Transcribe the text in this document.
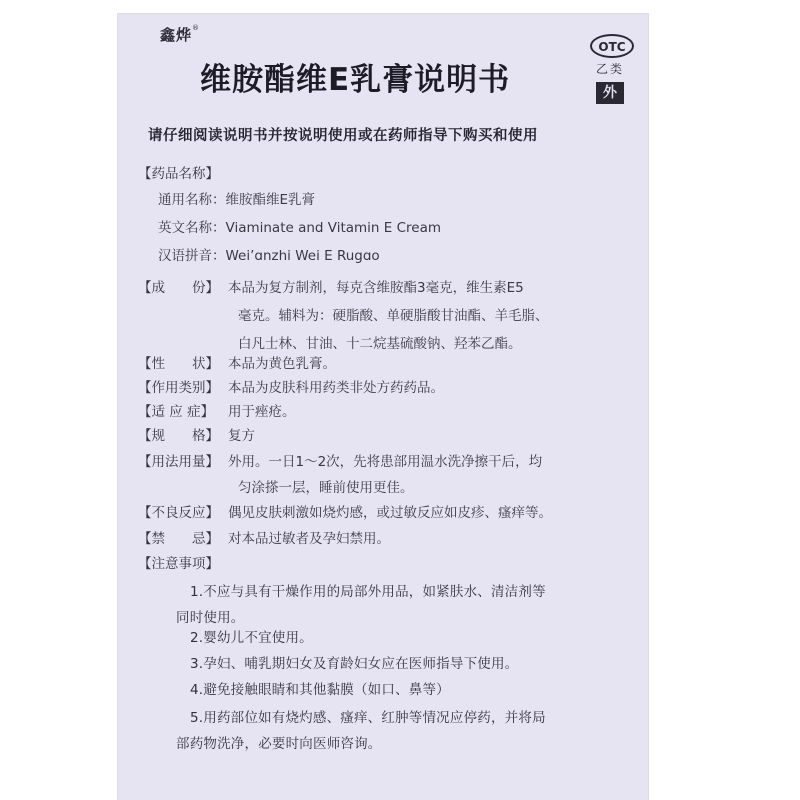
鑫烨®
维胺酯维E乳膏说明书
OTC
乙类
外
请仔细阅读说明书并按说明使用或在药师指导下购买和使用
【药品名称】
通用名称：维胺酯维E乳膏
英文名称：Viaminate and Vitamin E Cream
汉语拼音：Wei’ɑnzhi Wei E Rugɑo
【成　　份】 本品为复方制剂，每克含维胺酯3毫克，维生素E5
毫克。辅料为：硬脂酸、单硬脂酸甘油酯、羊毛脂、
白凡士林、甘油、十二烷基硫酸钠、羟苯乙酯。
【性　　状】 本品为黄色乳膏。
【作用类别】 本品为皮肤科用药类非处方药药品。
【适 应 症】 用于痤疮。
【规　　格】 复方
【用法用量】 外用。一日1～2次，先将患部用温水洗净擦干后，均
匀涂搽一层，睡前使用更佳。
【不良反应】 偶见皮肤刺激如烧灼感，或过敏反应如皮疹、瘙痒等。
【禁　　忌】 对本品过敏者及孕妇禁用。
【注意事项】
1.不应与具有干燥作用的局部外用品，如紧肤水、清洁剂等
同时使用。
2.婴幼儿不宜使用。
3.孕妇、哺乳期妇女及育龄妇女应在医师指导下使用。
4.避免接触眼睛和其他黏膜（如口、鼻等）
5.用药部位如有烧灼感、瘙痒、红肿等情况应停药，并将局
部药物洗净，必要时向医师咨询。
